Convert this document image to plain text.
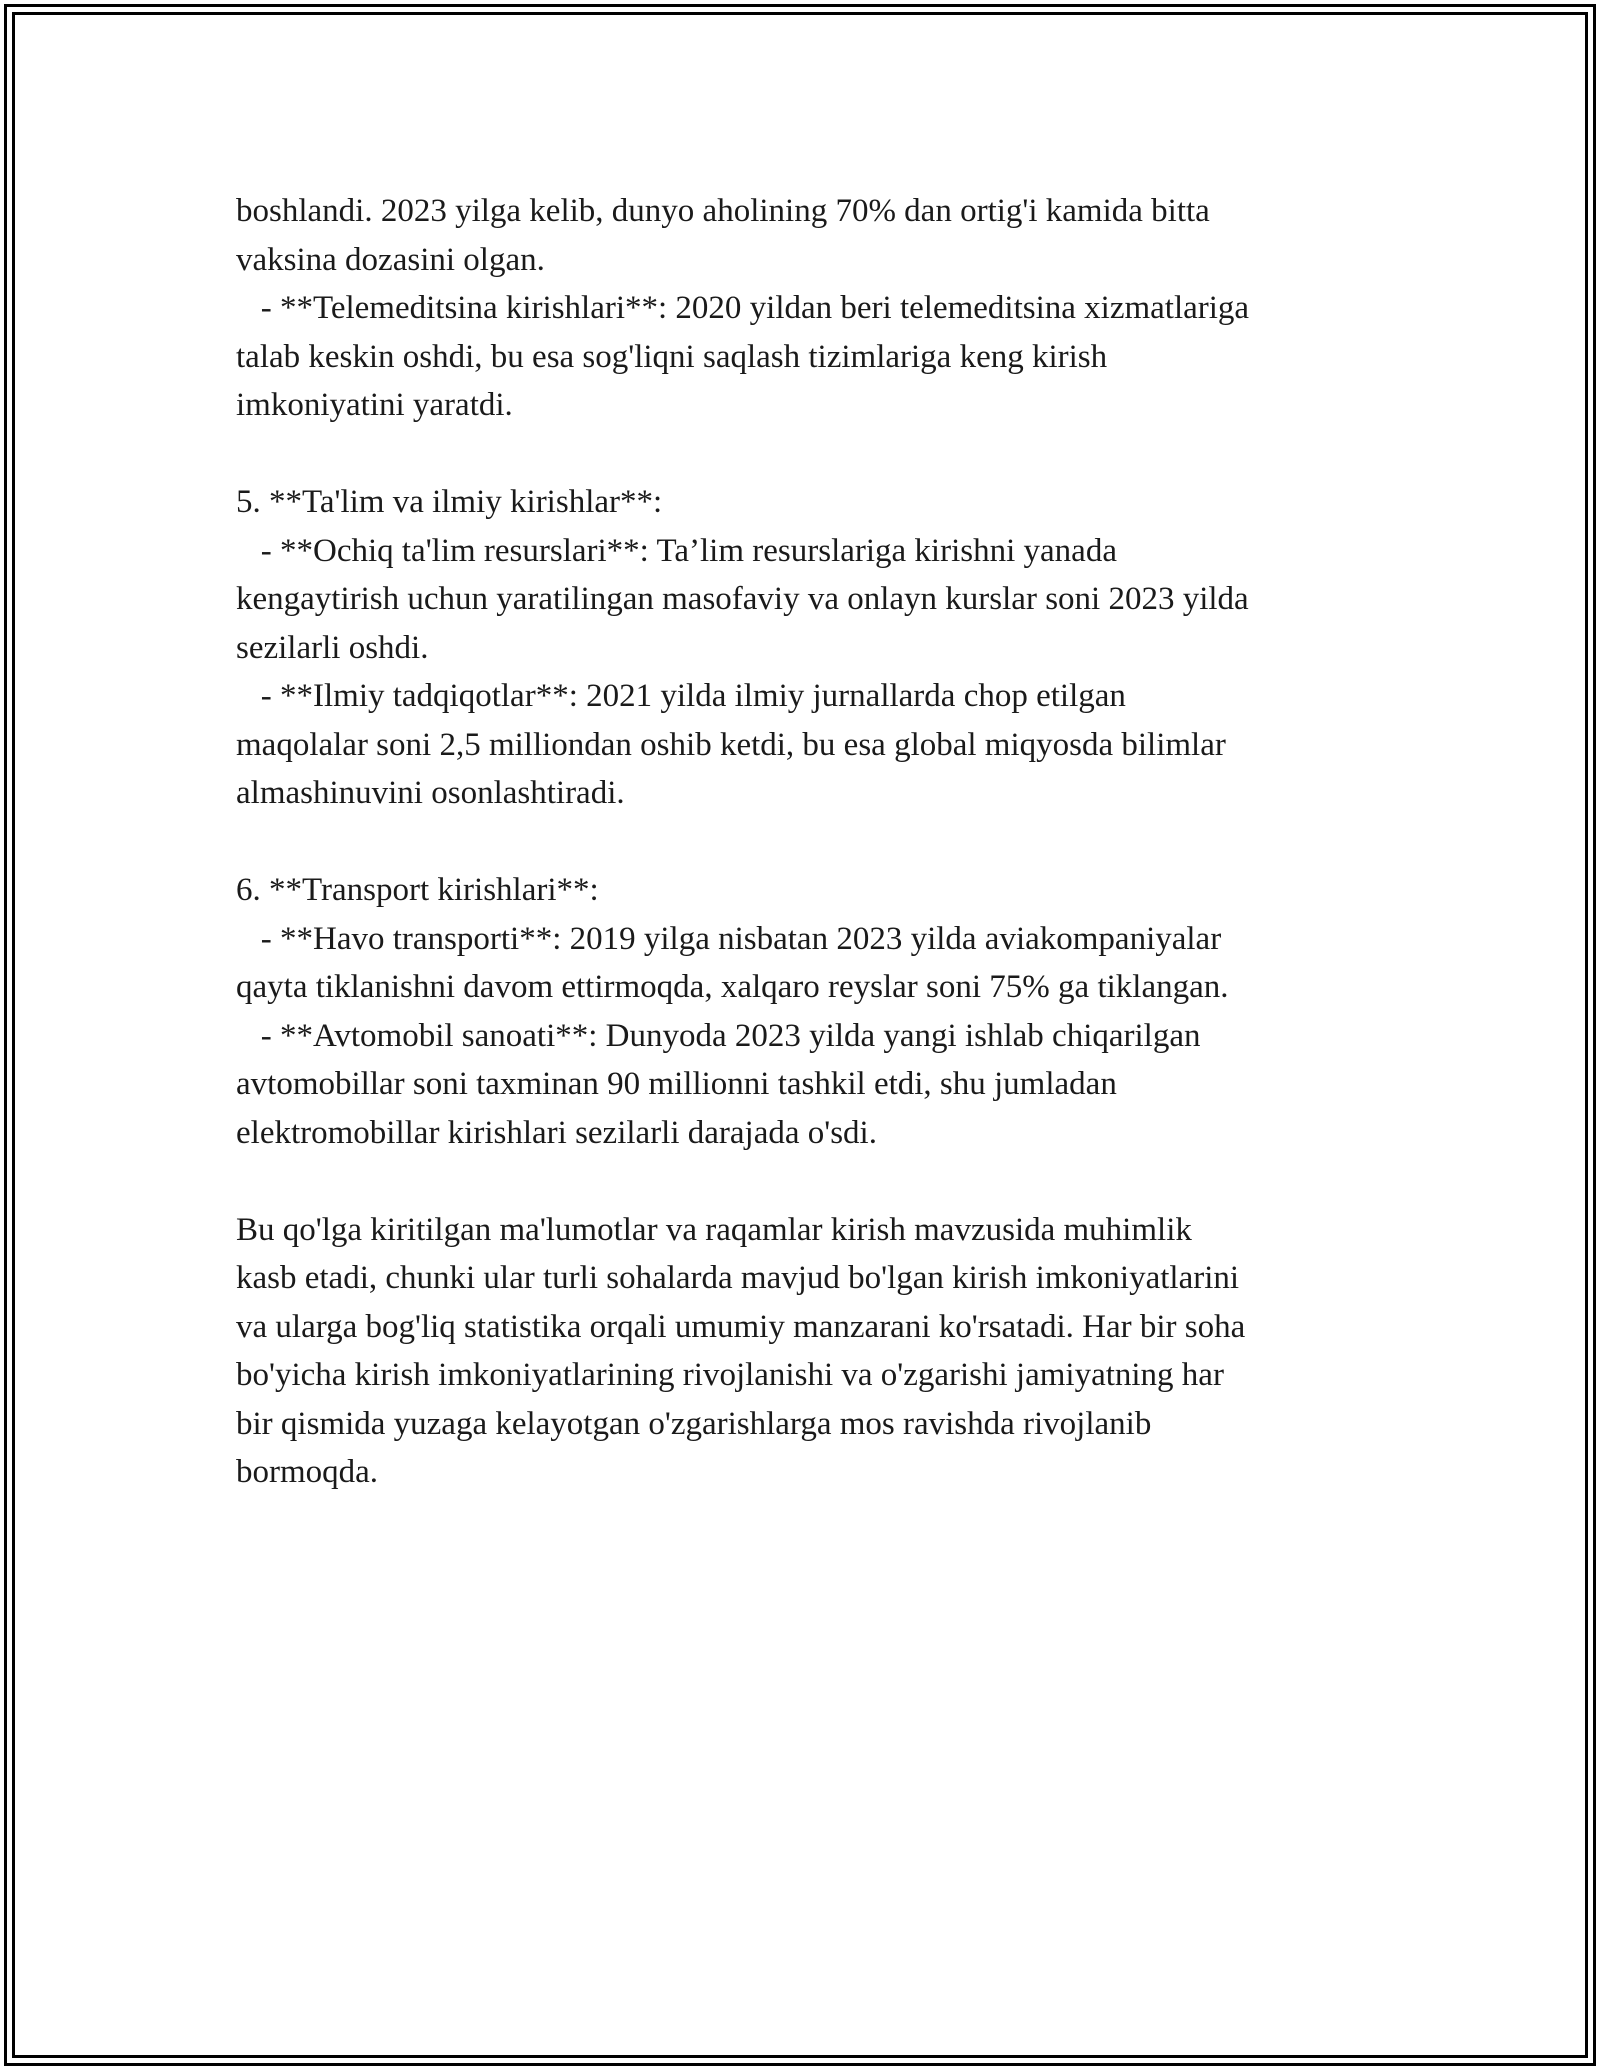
boshlandi. 2023 yilga kelib, dunyo aholining 70% dan ortig'i kamida bitta
vaksina dozasini olgan.
- **Telemeditsina kirishlari**: 2020 yildan beri telemeditsina xizmatlariga
talab keskin oshdi, bu esa sog'liqni saqlash tizimlariga keng kirish
imkoniyatini yaratdi.
5. **Ta'lim va ilmiy kirishlar**:
- **Ochiq ta'lim resurslari**: Ta’lim resurslariga kirishni yanada
kengaytirish uchun yaratilingan masofaviy va onlayn kurslar soni 2023 yilda
sezilarli oshdi.
- **Ilmiy tadqiqotlar**: 2021 yilda ilmiy jurnallarda chop etilgan
maqolalar soni 2,5 milliondan oshib ketdi, bu esa global miqyosda bilimlar
almashinuvini osonlashtiradi.
6. **Transport kirishlari**:
- **Havo transporti**: 2019 yilga nisbatan 2023 yilda aviakompaniyalar
qayta tiklanishni davom ettirmoqda, xalqaro reyslar soni 75% ga tiklangan.
- **Avtomobil sanoati**: Dunyoda 2023 yilda yangi ishlab chiqarilgan
avtomobillar soni taxminan 90 millionni tashkil etdi, shu jumladan
elektromobillar kirishlari sezilarli darajada o'sdi.
Bu qo'lga kiritilgan ma'lumotlar va raqamlar kirish mavzusida muhimlik
kasb etadi, chunki ular turli sohalarda mavjud bo'lgan kirish imkoniyatlarini
va ularga bog'liq statistika orqali umumiy manzarani ko'rsatadi. Har bir soha
bo'yicha kirish imkoniyatlarining rivojlanishi va o'zgarishi jamiyatning har
bir qismida yuzaga kelayotgan o'zgarishlarga mos ravishda rivojlanib
bormoqda.
